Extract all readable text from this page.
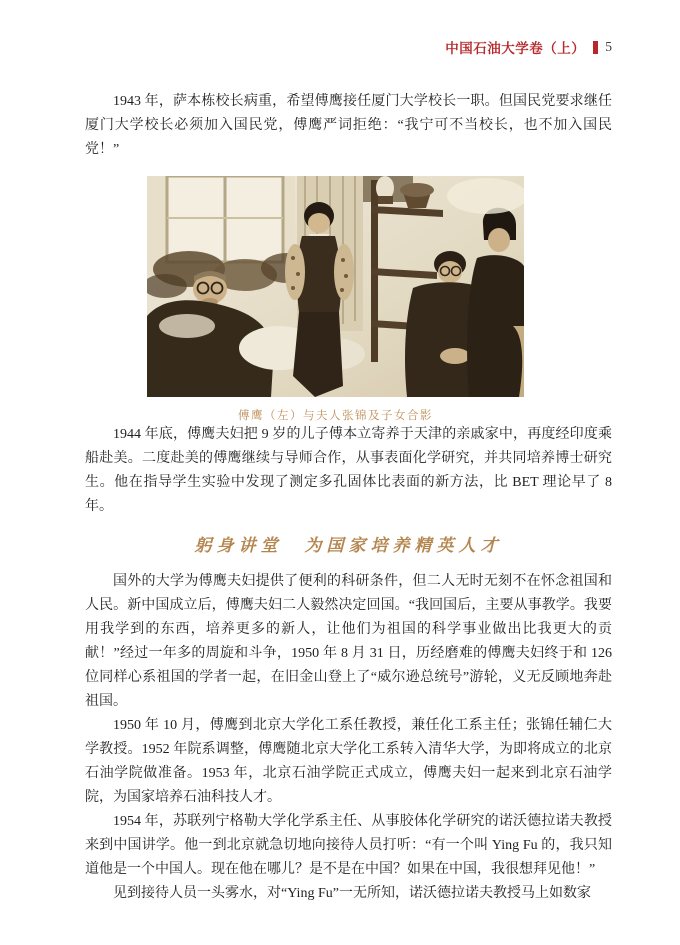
中国石油大学卷（上） 5

1943 年，萨本栋校长病重，希望傅鹰接任厦门大学校长一职。但国民党要求继任厦门大学校长必须加入国民党，傅鹰严词拒绝：“我宁可不当校长，也不加入国民党！”

傅鹰（左）与夫人张锦及子女合影

1944 年底，傅鹰夫妇把 9 岁的儿子傅本立寄养于天津的亲戚家中，再度经印度乘船赴美。二度赴美的傅鹰继续与导师合作，从事表面化学研究，并共同培养博士研究生。他在指导学生实验中发现了测定多孔固体比表面的新方法，比 BET 理论早了 8 年。

躬身讲堂　为国家培养精英人才

国外的大学为傅鹰夫妇提供了便利的科研条件，但二人无时无刻不在怀念祖国和人民。新中国成立后，傅鹰夫妇二人毅然决定回国。“我回国后，主要从事教学。我要用我学到的东西，培养更多的新人，让他们为祖国的科学事业做出比我更大的贡献！”经过一年多的周旋和斗争，1950 年 8 月 31 日，历经磨难的傅鹰夫妇终于和 126 位同样心系祖国的学者一起，在旧金山登上了“威尔逊总统号”游轮，义无反顾地奔赴祖国。

1950 年 10 月，傅鹰到北京大学化工系任教授，兼任化工系主任；张锦任辅仁大学教授。1952 年院系调整，傅鹰随北京大学化工系转入清华大学，为即将成立的北京石油学院做准备。1953 年，北京石油学院正式成立，傅鹰夫妇一起来到北京石油学院，为国家培养石油科技人才。

1954 年，苏联列宁格勒大学化学系主任、从事胶体化学研究的诺沃德拉诺夫教授来到中国讲学。他一到北京就急切地向接待人员打听：“有一个叫 Ying Fu 的，我只知道他是一个中国人。现在他在哪儿？是不是在中国？如果在中国，我很想拜见他！”

见到接待人员一头雾水，对“Ying Fu”一无所知，诺沃德拉诺夫教授马上如数家
